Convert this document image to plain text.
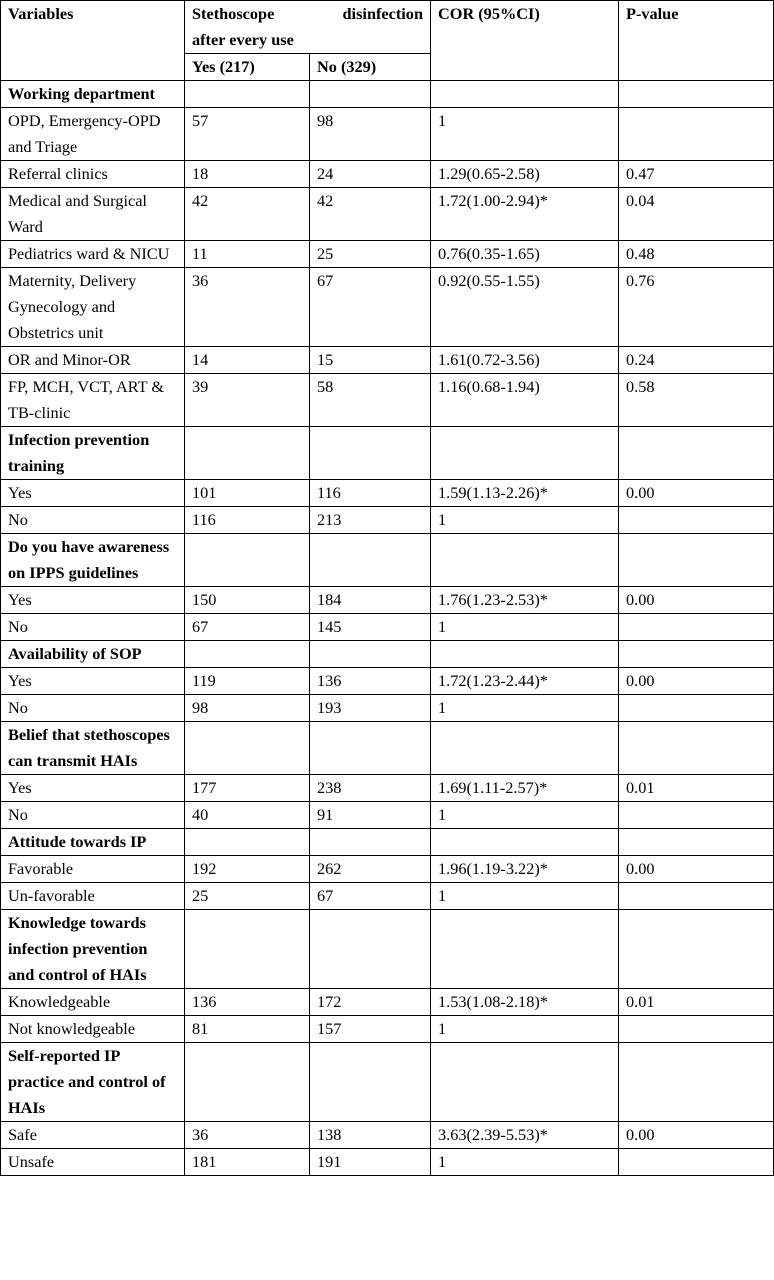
Variables	Stethoscope disinfection
after every use		COR (95%CI)	P-value
	Yes (217)	No (329)		
Working department				
OPD, Emergency-OPD and Triage	57	98	1	
Referral clinics	18	24	1.29(0.65-2.58)	0.47
Medical and Surgical Ward	42	42	1.72(1.00-2.94)*	0.04
Pediatrics ward & NICU	11	25	0.76(0.35-1.65)	0.48
Maternity, Delivery Gynecology and Obstetrics unit	36	67	0.92(0.55-1.55)	0.76
OR and Minor-OR	14	15	1.61(0.72-3.56)	0.24
FP, MCH, VCT, ART & TB-clinic	39	58	1.16(0.68-1.94)	0.58
Infection prevention training				
Yes	101	116	1.59(1.13-2.26)*	0.00
No	116	213	1	
Do you have awareness on IPPS guidelines				
Yes	150	184	1.76(1.23-2.53)*	0.00
No	67	145	1	
Availability of SOP				
Yes	119	136	1.72(1.23-2.44)*	0.00
No	98	193	1	
Belief that stethoscopes can transmit HAIs				
Yes	177	238	1.69(1.11-2.57)*	0.01
No	40	91	1	
Attitude towards IP				
Favorable	192	262	1.96(1.19-3.22)*	0.00
Un-favorable	25	67	1	
Knowledge towards infection prevention and control of HAIs				
Knowledgeable	136	172	1.53(1.08-2.18)*	0.01
Not knowledgeable	81	157	1	
Self-reported IP practice and control of HAIs				
Safe	36	138	3.63(2.39-5.53)*	0.00
Unsafe	181	191	1	
